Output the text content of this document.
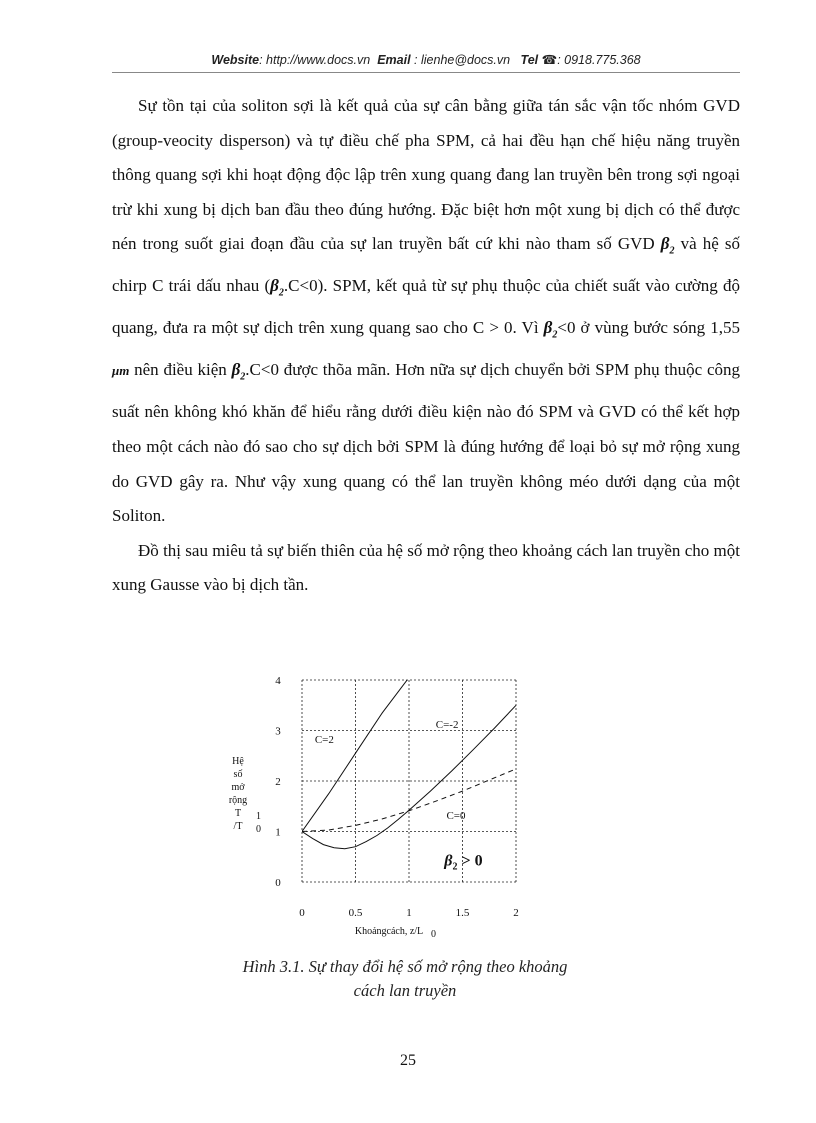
Website: http://www.docs.vn Email : lienhe@docs.vn Tel ☎: 0918.775.368

Sự tồn tại của soliton sợi là kết quả của sự cân bằng giữa tán sắc vận tốc nhóm GVD (group-veocity disperson) và tự điều chế pha SPM, cả hai đều hạn chế hiệu năng truyền thông quang sợi khi hoạt động độc lập trên xung quang đang lan truyền bên trong sợi ngoại trừ khi xung bị dịch ban đầu theo đúng hướng. Đặc biệt hơn một xung bị dịch có thể được nén trong suốt giai đoạn đầu của sự lan truyền bất cứ khi nào tham số GVD $\beta_2$ và hệ số chirp C trái dấu nhau $(\beta_2.C<0)$. SPM, kết quả từ sự phụ thuộc của chiết suất vào cường độ quang, đưa ra một sự dịch trên xung quang sao cho C > 0. Vì $\beta_2<0$ ở vùng bước sóng 1,55 μm nên điều kiện $\beta_2.C<0$ được thõa mãn. Hơn nữa sự dịch chuyển bởi SPM phụ thuộc công suất nên không khó khăn để hiểu rằng dưới điều kiện nào đó SPM và GVD có thể kết hợp theo một cách nào đó sao cho sự dịch bởi SPM là đúng hướng để loại bỏ sự mở rộng xung do GVD gây ra. Như vậy xung quang có thể lan truyền không méo dưới dạng của một Soliton.

Đồ thị sau miêu tả sự biến thiên của hệ số mở rộng theo khoảng cách lan truyền cho một xung Gausse vào bị dịch tần.

0	0.5	1	1.5	2
0
1
2
3
4
C=2
C=-2
C=0
$\beta_2 > 0$
Hệ
số
mở
rộng
T 1
/T 0
Khoảngcách, z/L 0
Hình 3.1. Sự thay đổi hệ số mở rộng theo khoảng
cách lan truyền
25
